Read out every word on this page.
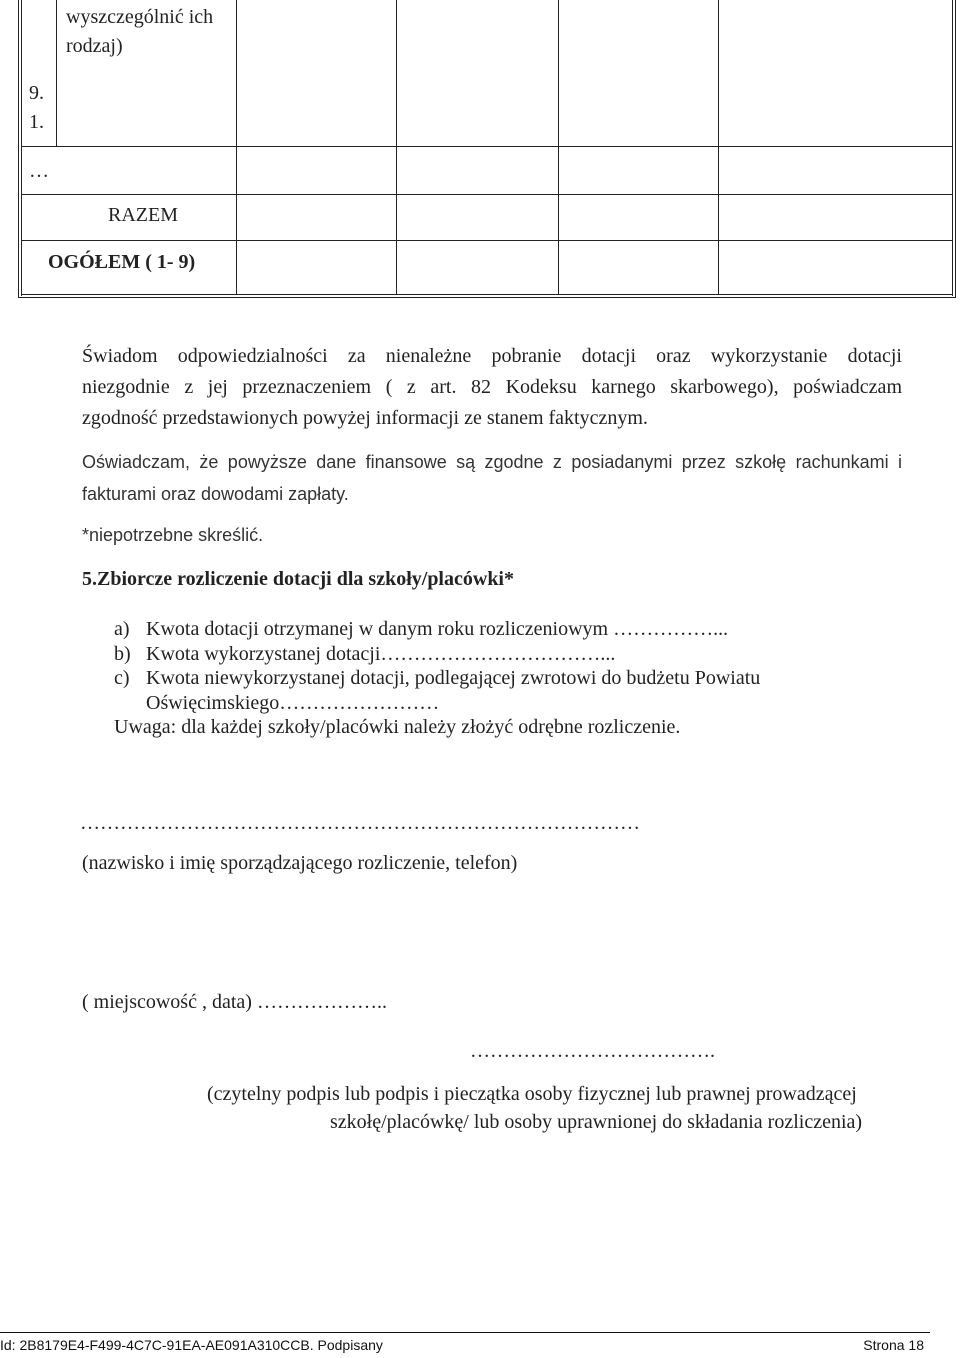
wyszczególnić ich
rodzaj)
9.
1.
…
RAZEM
OGÓŁEM ( 1- 9)
Świadom odpowiedzialności za nienależne pobranie dotacji oraz wykorzystanie dotacji
niezgodnie z jej przeznaczeniem ( z art. 82 Kodeksu karnego skarbowego), poświadczam
zgodność przedstawionych powyżej informacji ze stanem faktycznym.
Oświadczam, że powyższe dane finansowe są zgodne z posiadanymi przez szkołę rachunkami i
fakturami oraz dowodami zapłaty.
*niepotrzebne skreślić.
5.Zbiorcze rozliczenie dotacji dla szkoły/placówki*
a) Kwota dotacji otrzymanej w danym roku rozliczeniowym ……………...
b) Kwota wykorzystanej dotacji……………………………...
c) Kwota niewykorzystanej dotacji, podlegającej zwrotowi do budżetu Powiatu
Oświęcimskiego……………………
Uwaga: dla każdej szkoły/placówki należy złożyć odrębne rozliczenie.
…………………………………………………………………………
(nazwisko i imię sporządzającego rozliczenie, telefon)
( miejscowość , data) ………………..
……………………………….
(czytelny podpis lub podpis i pieczątka osoby fizycznej lub prawnej prowadzącej
szkołę/placówkę/ lub osoby uprawnionej do składania rozliczenia)
Id: 2B8179E4-F499-4C7C-91EA-AE091A310CCB. Podpisany	Strona 18
